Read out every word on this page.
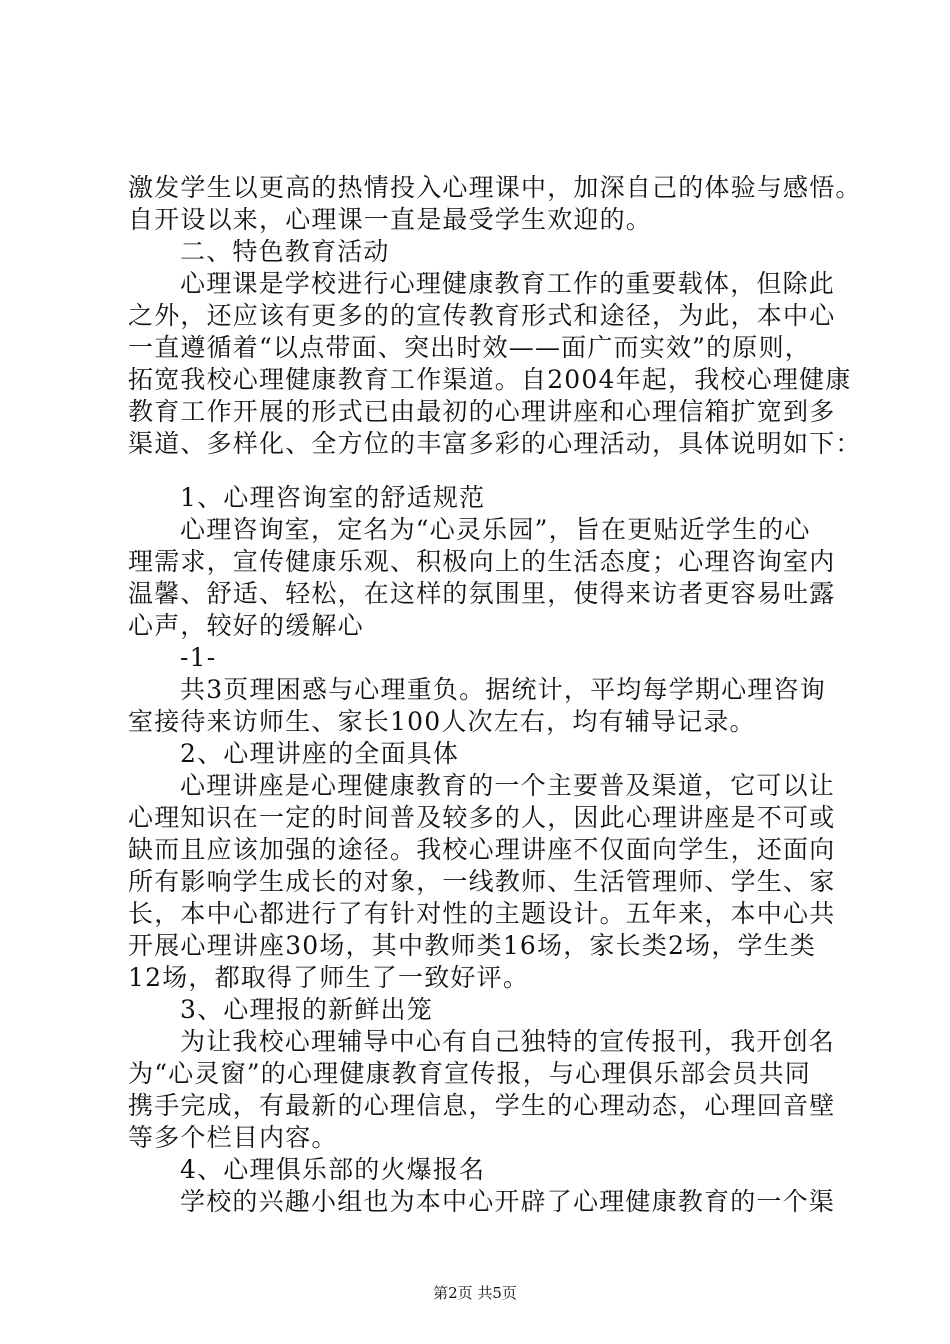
激发学生以更高的热情投入心理课中，加深自己的体验与感悟。
自开设以来，心理课一直是最受学生欢迎的。
二、特色教育活动
心理课是学校进行心理健康教育工作的重要载体，但除此
之外，还应该有更多的的宣传教育形式和途径，为此，本中心
一直遵循着“以点带面、突出时效——面广而实效”的原则，
拓宽我校心理健康教育工作渠道。自2004年起，我校心理健康
教育工作开展的形式已由最初的心理讲座和心理信箱扩宽到多
渠道、多样化、全方位的丰富多彩的心理活动，具体说明如下：
1、心理咨询室的舒适规范
心理咨询室，定名为“心灵乐园”，旨在更贴近学生的心
理需求，宣传健康乐观、积极向上的生活态度；心理咨询室内
温馨、舒适、轻松，在这样的氛围里，使得来访者更容易吐露
心声，较好的缓解心
-1-
共3页理困惑与心理重负。据统计，平均每学期心理咨询
室接待来访师生、家长100人次左右，均有辅导记录。
2、心理讲座的全面具体
心理讲座是心理健康教育的一个主要普及渠道，它可以让
心理知识在一定的时间普及较多的人，因此心理讲座是不可或
缺而且应该加强的途径。我校心理讲座不仅面向学生，还面向
所有影响学生成长的对象，一线教师、生活管理师、学生、家
长，本中心都进行了有针对性的主题设计。五年来，本中心共
开展心理讲座30场，其中教师类16场，家长类2场，学生类
12场，都取得了师生了一致好评。
3、心理报的新鲜出笼
为让我校心理辅导中心有自己独特的宣传报刊，我开创名
为“心灵窗”的心理健康教育宣传报，与心理俱乐部会员共同
携手完成，有最新的心理信息，学生的心理动态，心理回音壁
等多个栏目内容。
4、心理俱乐部的火爆报名
学校的兴趣小组也为本中心开辟了心理健康教育的一个渠
第2页 共5页
